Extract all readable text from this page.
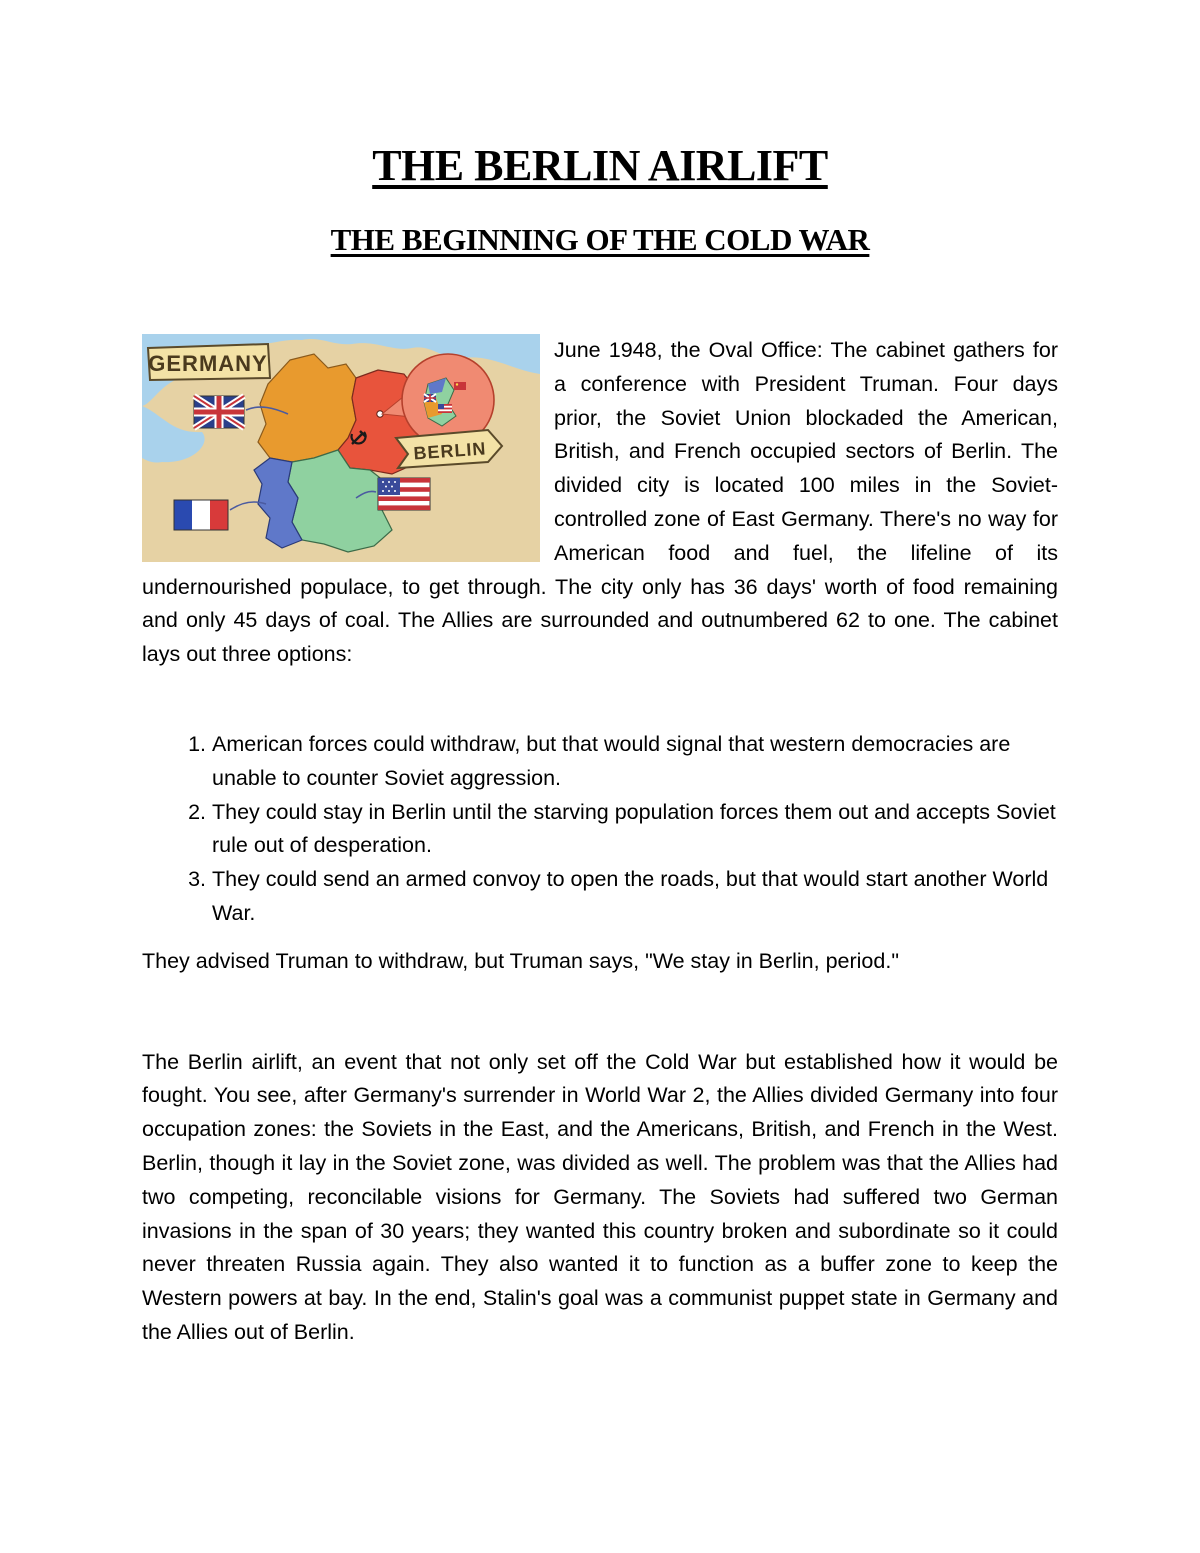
THE BERLIN AIRLIFT
THE BEGINNING OF THE COLD WAR
GERMANY
BERLIN

June 1948, the Oval Office: The cabinet gathers for a conference with President Truman. Four days prior, the Soviet Union blockaded the American, British, and French occupied sectors of Berlin. The divided city is located 100 miles in the Soviet-controlled zone of East Germany. There's no way for American food and fuel, the lifeline of its undernourished populace, to get through. The city only has 36 days' worth of food remaining and only 45 days of coal. The Allies are surrounded and outnumbered 62 to one. The cabinet lays out three options:

1. American forces could withdraw, but that would signal that western democracies are unable to counter Soviet aggression.
2. They could stay in Berlin until the starving population forces them out and accepts Soviet rule out of desperation.
3. They could send an armed convoy to open the roads, but that would start another World War.

They advised Truman to withdraw, but Truman says, "We stay in Berlin, period."

The Berlin airlift, an event that not only set off the Cold War but established how it would be fought. You see, after Germany's surrender in World War 2, the Allies divided Germany into four occupation zones: the Soviets in the East, and the Americans, British, and French in the West. Berlin, though it lay in the Soviet zone, was divided as well. The problem was that the Allies had two competing, reconcilable visions for Germany. The Soviets had suffered two German invasions in the span of 30 years; they wanted this country broken and subordinate so it could never threaten Russia again. They also wanted it to function as a buffer zone to keep the Western powers at bay. In the end, Stalin's goal was a communist puppet state in Germany and the Allies out of Berlin.
